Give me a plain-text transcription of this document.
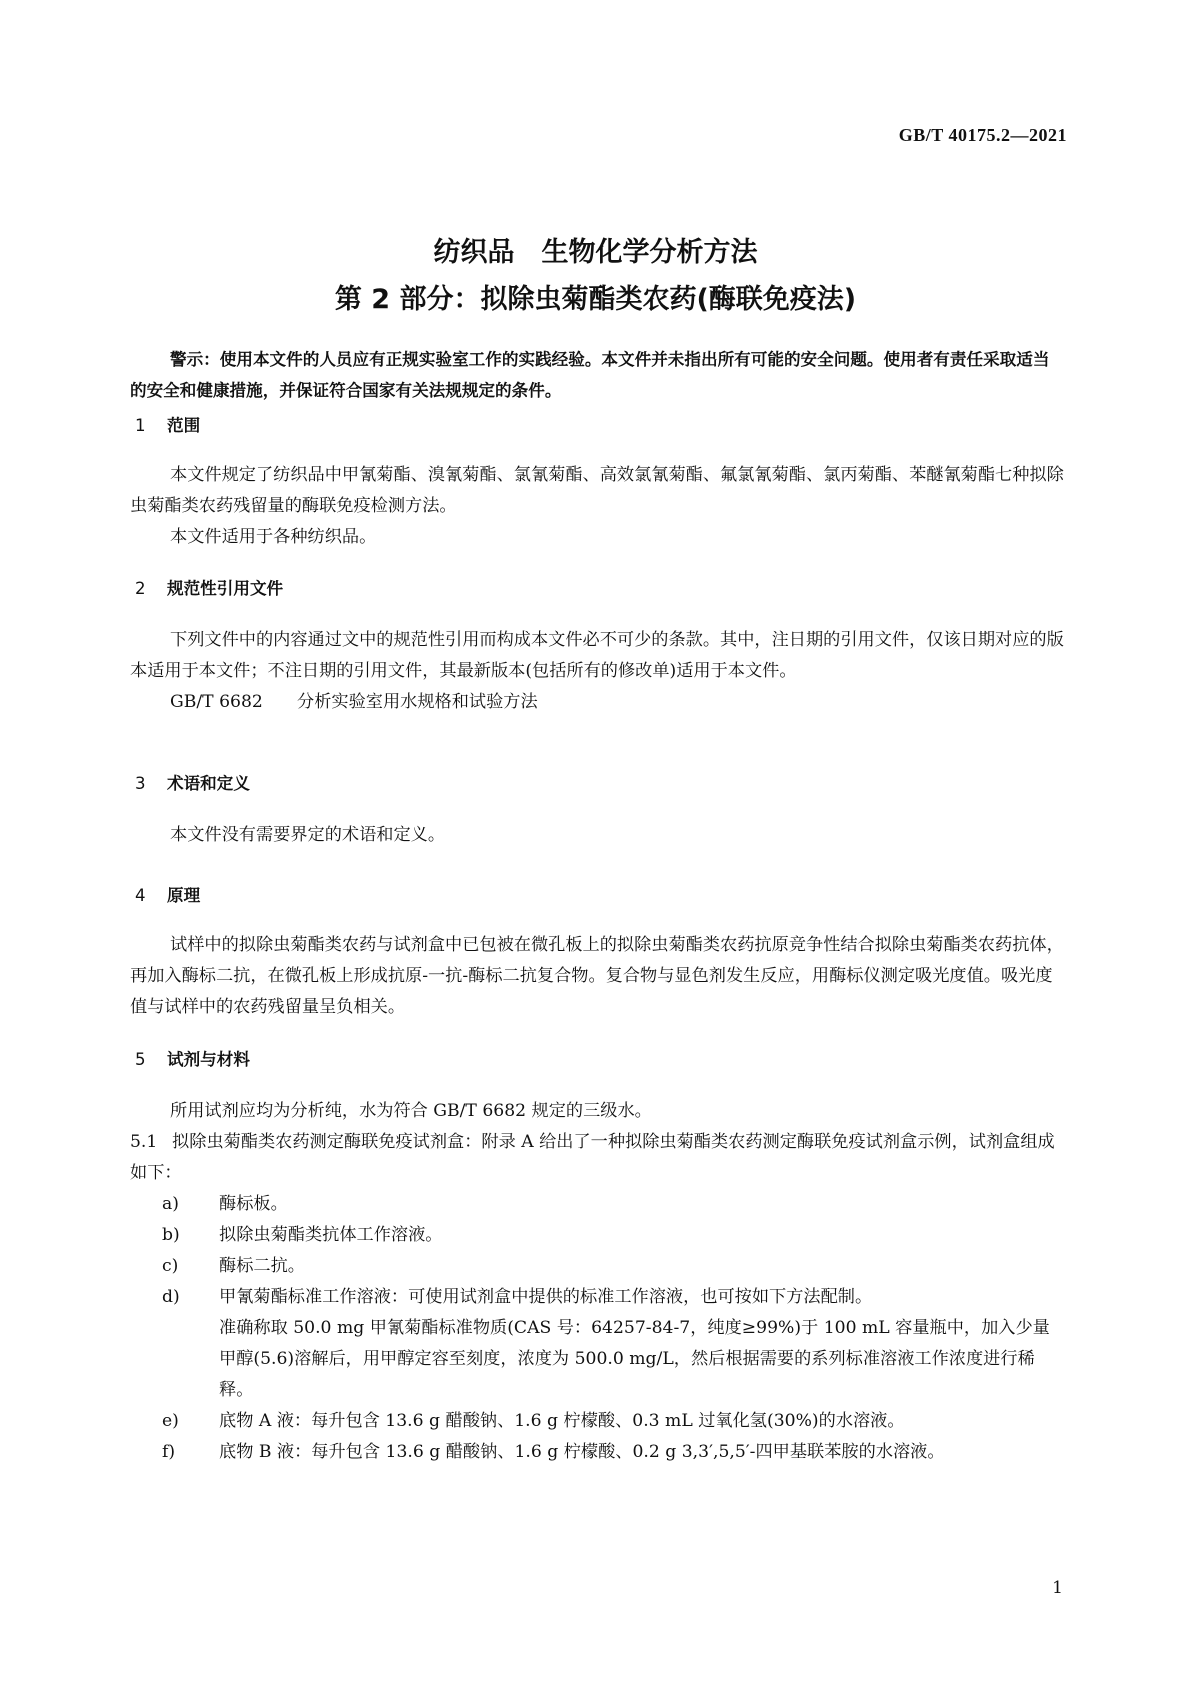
GB/T 40175.2—2021
纺织品　生物化学分析方法
第 2 部分：拟除虫菊酯类农药(酶联免疫法)
警示：使用本文件的人员应有正规实验室工作的实践经验。本文件并未指出所有可能的安全问题。使用者有责任采取适当的安全和健康措施，并保证符合国家有关法规规定的条件。
1 范围

本文件规定了纺织品中甲氰菊酯、溴氰菊酯、氯氰菊酯、高效氯氰菊酯、氟氯氰菊酯、氯丙菊酯、苯醚氰菊酯七种拟除虫菊酯类农药残留量的酶联免疫检测方法。

本文件适用于各种纺织品。

2 规范性引用文件

下列文件中的内容通过文中的规范性引用而构成本文件必不可少的条款。其中，注日期的引用文件，仅该日期对应的版本适用于本文件；不注日期的引用文件，其最新版本(包括所有的修改单)适用于本文件。

GB/T 6682 分析实验室用水规格和试验方法

3 术语和定义

本文件没有需要界定的术语和定义。

4 原理

试样中的拟除虫菊酯类农药与试剂盒中已包被在微孔板上的拟除虫菊酯类农药抗原竞争性结合拟除虫菊酯类农药抗体，再加入酶标二抗，在微孔板上形成抗原-一抗-酶标二抗复合物。复合物与显色剂发生反应，用酶标仪测定吸光度值。吸光度值与试样中的农药残留量呈负相关。

5 试剂与材料

所用试剂应均为分析纯，水为符合 GB/T 6682 规定的三级水。

5.1 拟除虫菊酯类农药测定酶联免疫试剂盒：附录 A 给出了一种拟除虫菊酯类农药测定酶联免疫试剂盒示例，试剂盒组成如下：
a)	酶标板。
b)	拟除虫菊酯类抗体工作溶液。
c)	酶标二抗。
d)	甲氰菊酯标准工作溶液：可使用试剂盒中提供的标准工作溶液，也可按如下方法配制。
准确称取 50.0 mg 甲氰菊酯标准物质(CAS 号：64257-84-7，纯度≥99%)于 100 mL 容量瓶中，加入少量甲醇(5.6)溶解后，用甲醇定容至刻度，浓度为 500.0 mg/L，然后根据需要的系列标准溶液工作浓度进行稀释。
e)	底物 A 液：每升包含 13.6 g 醋酸钠、1.6 g 柠檬酸、0.3 mL 过氧化氢(30%)的水溶液。
f)	底物 B 液：每升包含 13.6 g 醋酸钠、1.6 g 柠檬酸、0.2 g 3,3′,5,5′-四甲基联苯胺的水溶液。
1
